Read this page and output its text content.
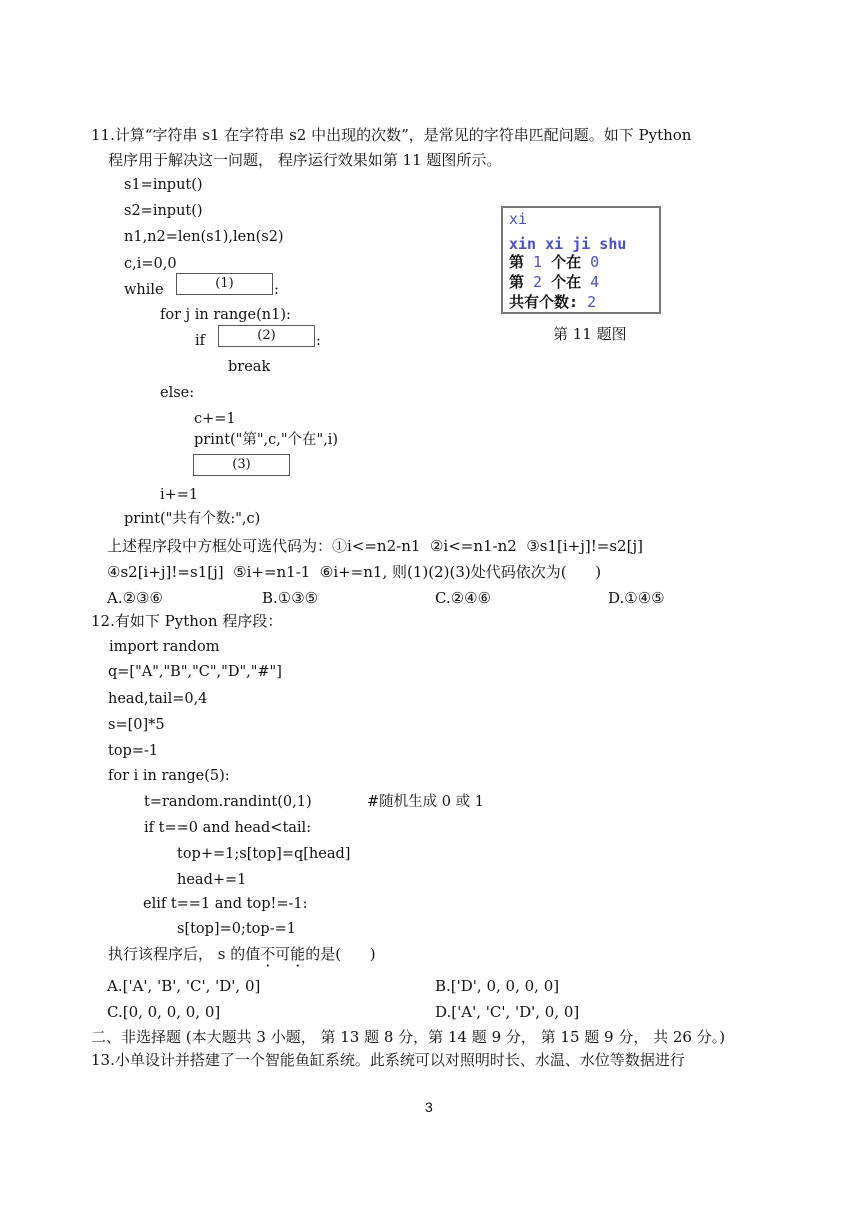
11.计算“字符串 s1 在字符串 s2 中出现的次数”，是常见的字符串匹配问题。如下 Python
程序用于解决这一问题， 程序运行效果如第 11 题图所示。
s1=input()
s2=input()
n1,n2=len(s1),len(s2)
c,i=0,0
while	(1)	:
for j in range(n1):
if	(2)	:
break
else:
c+=1
print("第",c,"个在",i)
(3)
i+=1
print("共有个数:",c)
xi
xin xi ji shu
第 1 个在 0
第 2 个在 4
共有个数: 2
第 11 题图
上述程序段中方框处可选代码为：①i<=n2-n1  ②i<=n1-n2  ③s1[i+j]!=s2[j]
④s2[i+j]!=s1[j]  ⑤i+=n1-1  ⑥i+=n1, 则(1)(2)(3)处代码依次为(      )
A.②③⑥	B.①③⑤	C.②④⑥	D.①④⑤
12.有如下 Python 程序段：
import random
q=["A","B","C","D","#"]
head,tail=0,4
s=[0]*5
top=-1
for i in range(5):
t=random.randint(0,1)	#随机生成 0 或 1
if t==0 and head<tail:
top+=1;s[top]=q[head]
head+=1
elif t==1 and top!=-1:
s[top]=0;top-=1
执行该程序后， s 的值不可能的是(      )
A.['A', 'B', 'C', 'D', 0]	B.['D', 0, 0, 0, 0]
C.[0, 0, 0, 0, 0]	D.['A', 'C', 'D', 0, 0]
二、非选择题 (本大题共 3 小题， 第 13 题 8 分，第 14 题 9 分， 第 15 题 9 分， 共 26 分。)
13.小单设计并搭建了一个智能鱼缸系统。此系统可以对照明时长、水温、水位等数据进行
3
